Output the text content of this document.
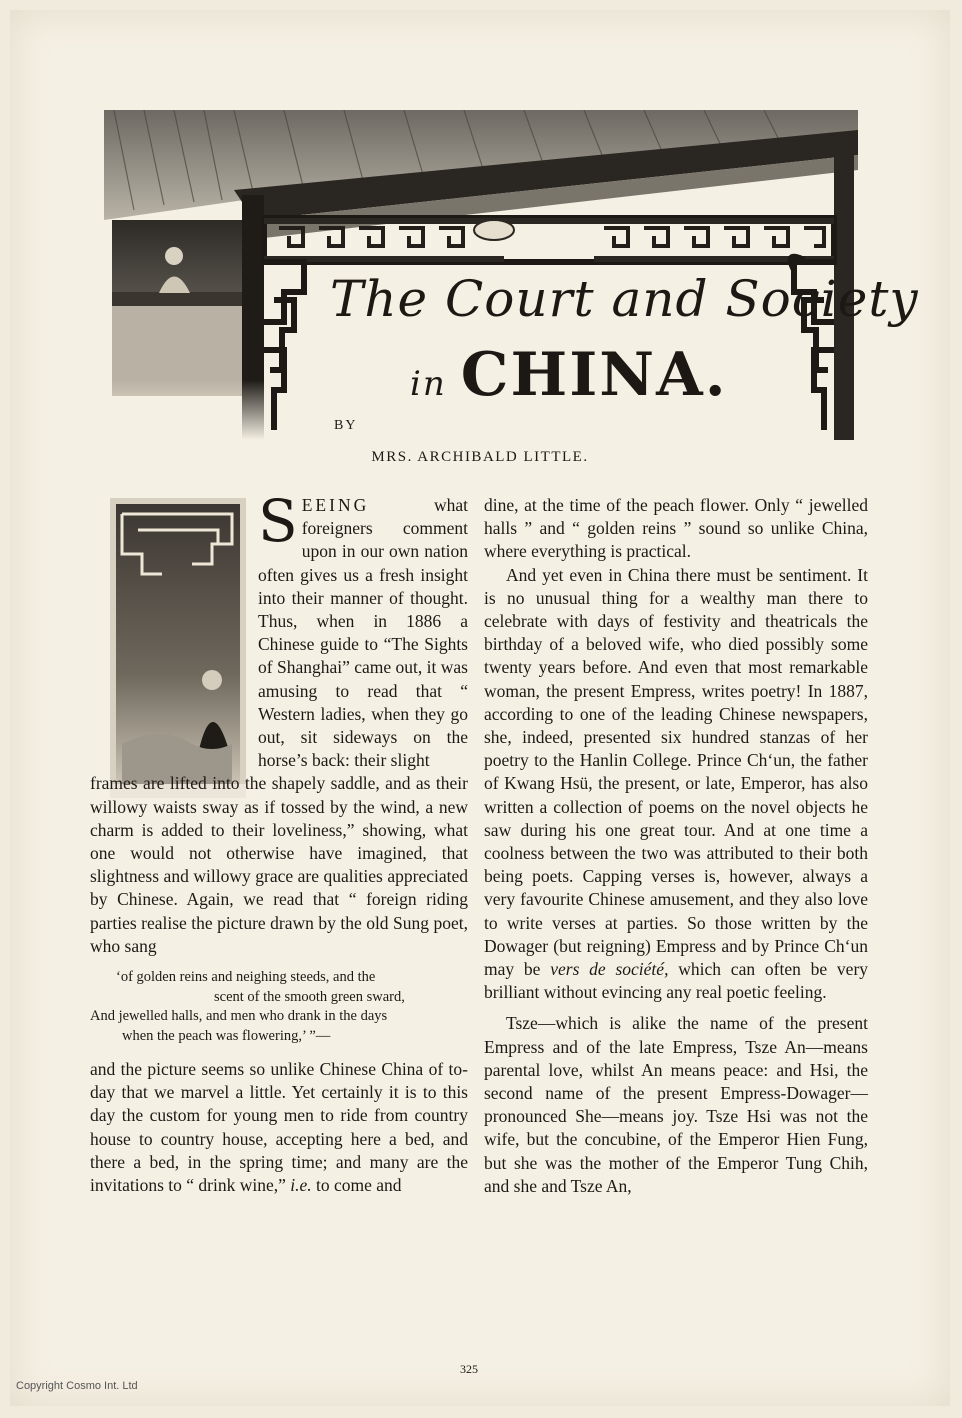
The Court and Society
in CHINA.
BY
MRS. ARCHIBALD LITTLE.

SEEING	what foreigners comment upon in our own nation often gives us a fresh insight into their manner of thought. Thus, when in 1886 a Chinese guide to “The Sights of Shanghai” came out, it was amusing to read that “ Western ladies, when they go out, sit sideways on the horse’s back: their slight

frames are lifted into the shapely saddle, and as their willowy waists sway as if tossed by the wind, a new charm is added to their loveliness,” showing, what one would not otherwise have imagined, that slightness and willowy grace are qualities appreciated by Chinese. Again, we read that “ foreign riding parties realise the picture drawn by the old Sung poet, who sang

‘of golden reins and neighing steeds, and the
scent of the smooth green sward,
And jewelled halls, and men who drank in the days
when the peach was flowering,’ ”—

and the picture seems so unlike Chinese China of to-day that we marvel a little. Yet certainly it is to this day the custom for young men to ride from country house to country house, accepting here a bed, and there a bed, in the spring time; and many are the invitations to “ drink wine,” i.e. to come and

dine, at the time of the peach flower. Only “ jewelled halls ” and “ golden reins ” sound so unlike China, where everything is practical.

And yet even in China there must be sentiment. It is no unusual thing for a wealthy man there to celebrate with days of festivity and theatricals the birthday of a beloved wife, who died possibly some twenty years before. And even that most remarkable woman, the present Empress, writes poetry! In 1887, according to one of the leading Chinese newspapers, she, indeed, presented six hundred stanzas of her poetry to the Hanlin College. Prince Ch‘un, the father of Kwang Hsü, the present, or late, Emperor, has also written a collection of poems on the novel objects he saw during his one great tour. And at one time a coolness between the two was attributed to their both being poets. Capping verses is, however, always a very favourite Chinese amusement, and they also love to write verses at parties. So those written by the Dowager (but reigning) Empress and by Prince Ch‘un may be vers de société, which can often be very brilliant without evincing any real poetic feeling.

Tsze—which is alike the name of the present Empress and of the late Empress, Tsze An—means parental love, whilst An means peace: and Hsi, the second name of the present Empress-Dowager—pronounced She—means joy. Tsze Hsi was not the wife, but the concubine, of the Emperor Hien Fung, but she was the mother of the Emperor Tung Chih, and she and Tsze An,

325
Copyright Cosmo Int. Ltd
